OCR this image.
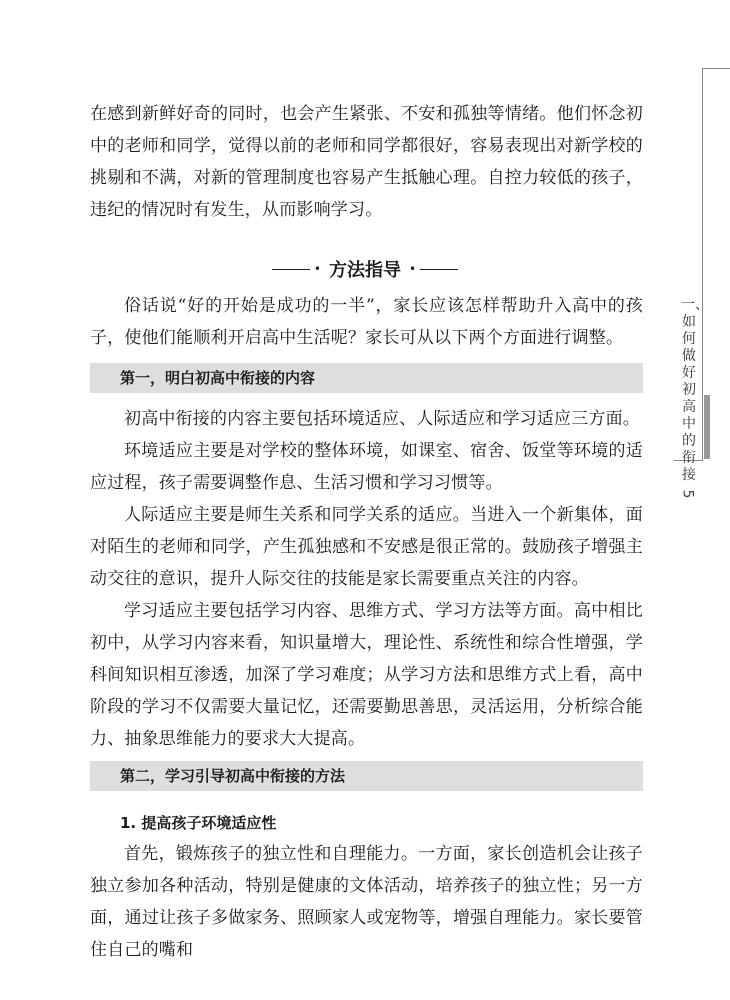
在感到新鲜好奇的同时，也会产生紧张、不安和孤独等情绪。他们怀念初中的老师和同学，觉得以前的老师和同学都很好，容易表现出对新学校的挑剔和不满，对新的管理制度也容易产生抵触心理。自控力较低的孩子，违纪的情况时有发生，从而影响学习。

• 方法指导 •

俗话说“好的开始是成功的一半”，家长应该怎样帮助升入高中的孩子，使他们能顺利开启高中生活呢？家长可从以下两个方面进行调整。

第一，明白初高中衔接的内容

初高中衔接的内容主要包括环境适应、人际适应和学习适应三方面。

环境适应主要是对学校的整体环境，如课室、宿舍、饭堂等环境的适应过程，孩子需要调整作息、生活习惯和学习习惯等。

人际适应主要是师生关系和同学关系的适应。当进入一个新集体，面对陌生的老师和同学，产生孤独感和不安感是很正常的。鼓励孩子增强主动交往的意识，提升人际交往的技能是家长需要重点关注的内容。

学习适应主要包括学习内容、思维方式、学习方法等方面。高中相比初中，从学习内容来看，知识量增大，理论性、系统性和综合性增强，学科间知识相互渗透，加深了学习难度；从学习方法和思维方式上看，高中阶段的学习不仅需要大量记忆，还需要勤思善思，灵活运用，分析综合能力、抽象思维能力的要求大大提高。

第二，学习引导初高中衔接的方法
1. 提高孩子环境适应性

首先，锻炼孩子的独立性和自理能力。一方面，家长创造机会让孩子独立参加各种活动，特别是健康的文体活动，培养孩子的独立性；另一方面，通过让孩子多做家务、照顾家人或宠物等，增强自理能力。家长要管住自己的嘴和

一、如何做好初高中的衔接
5
